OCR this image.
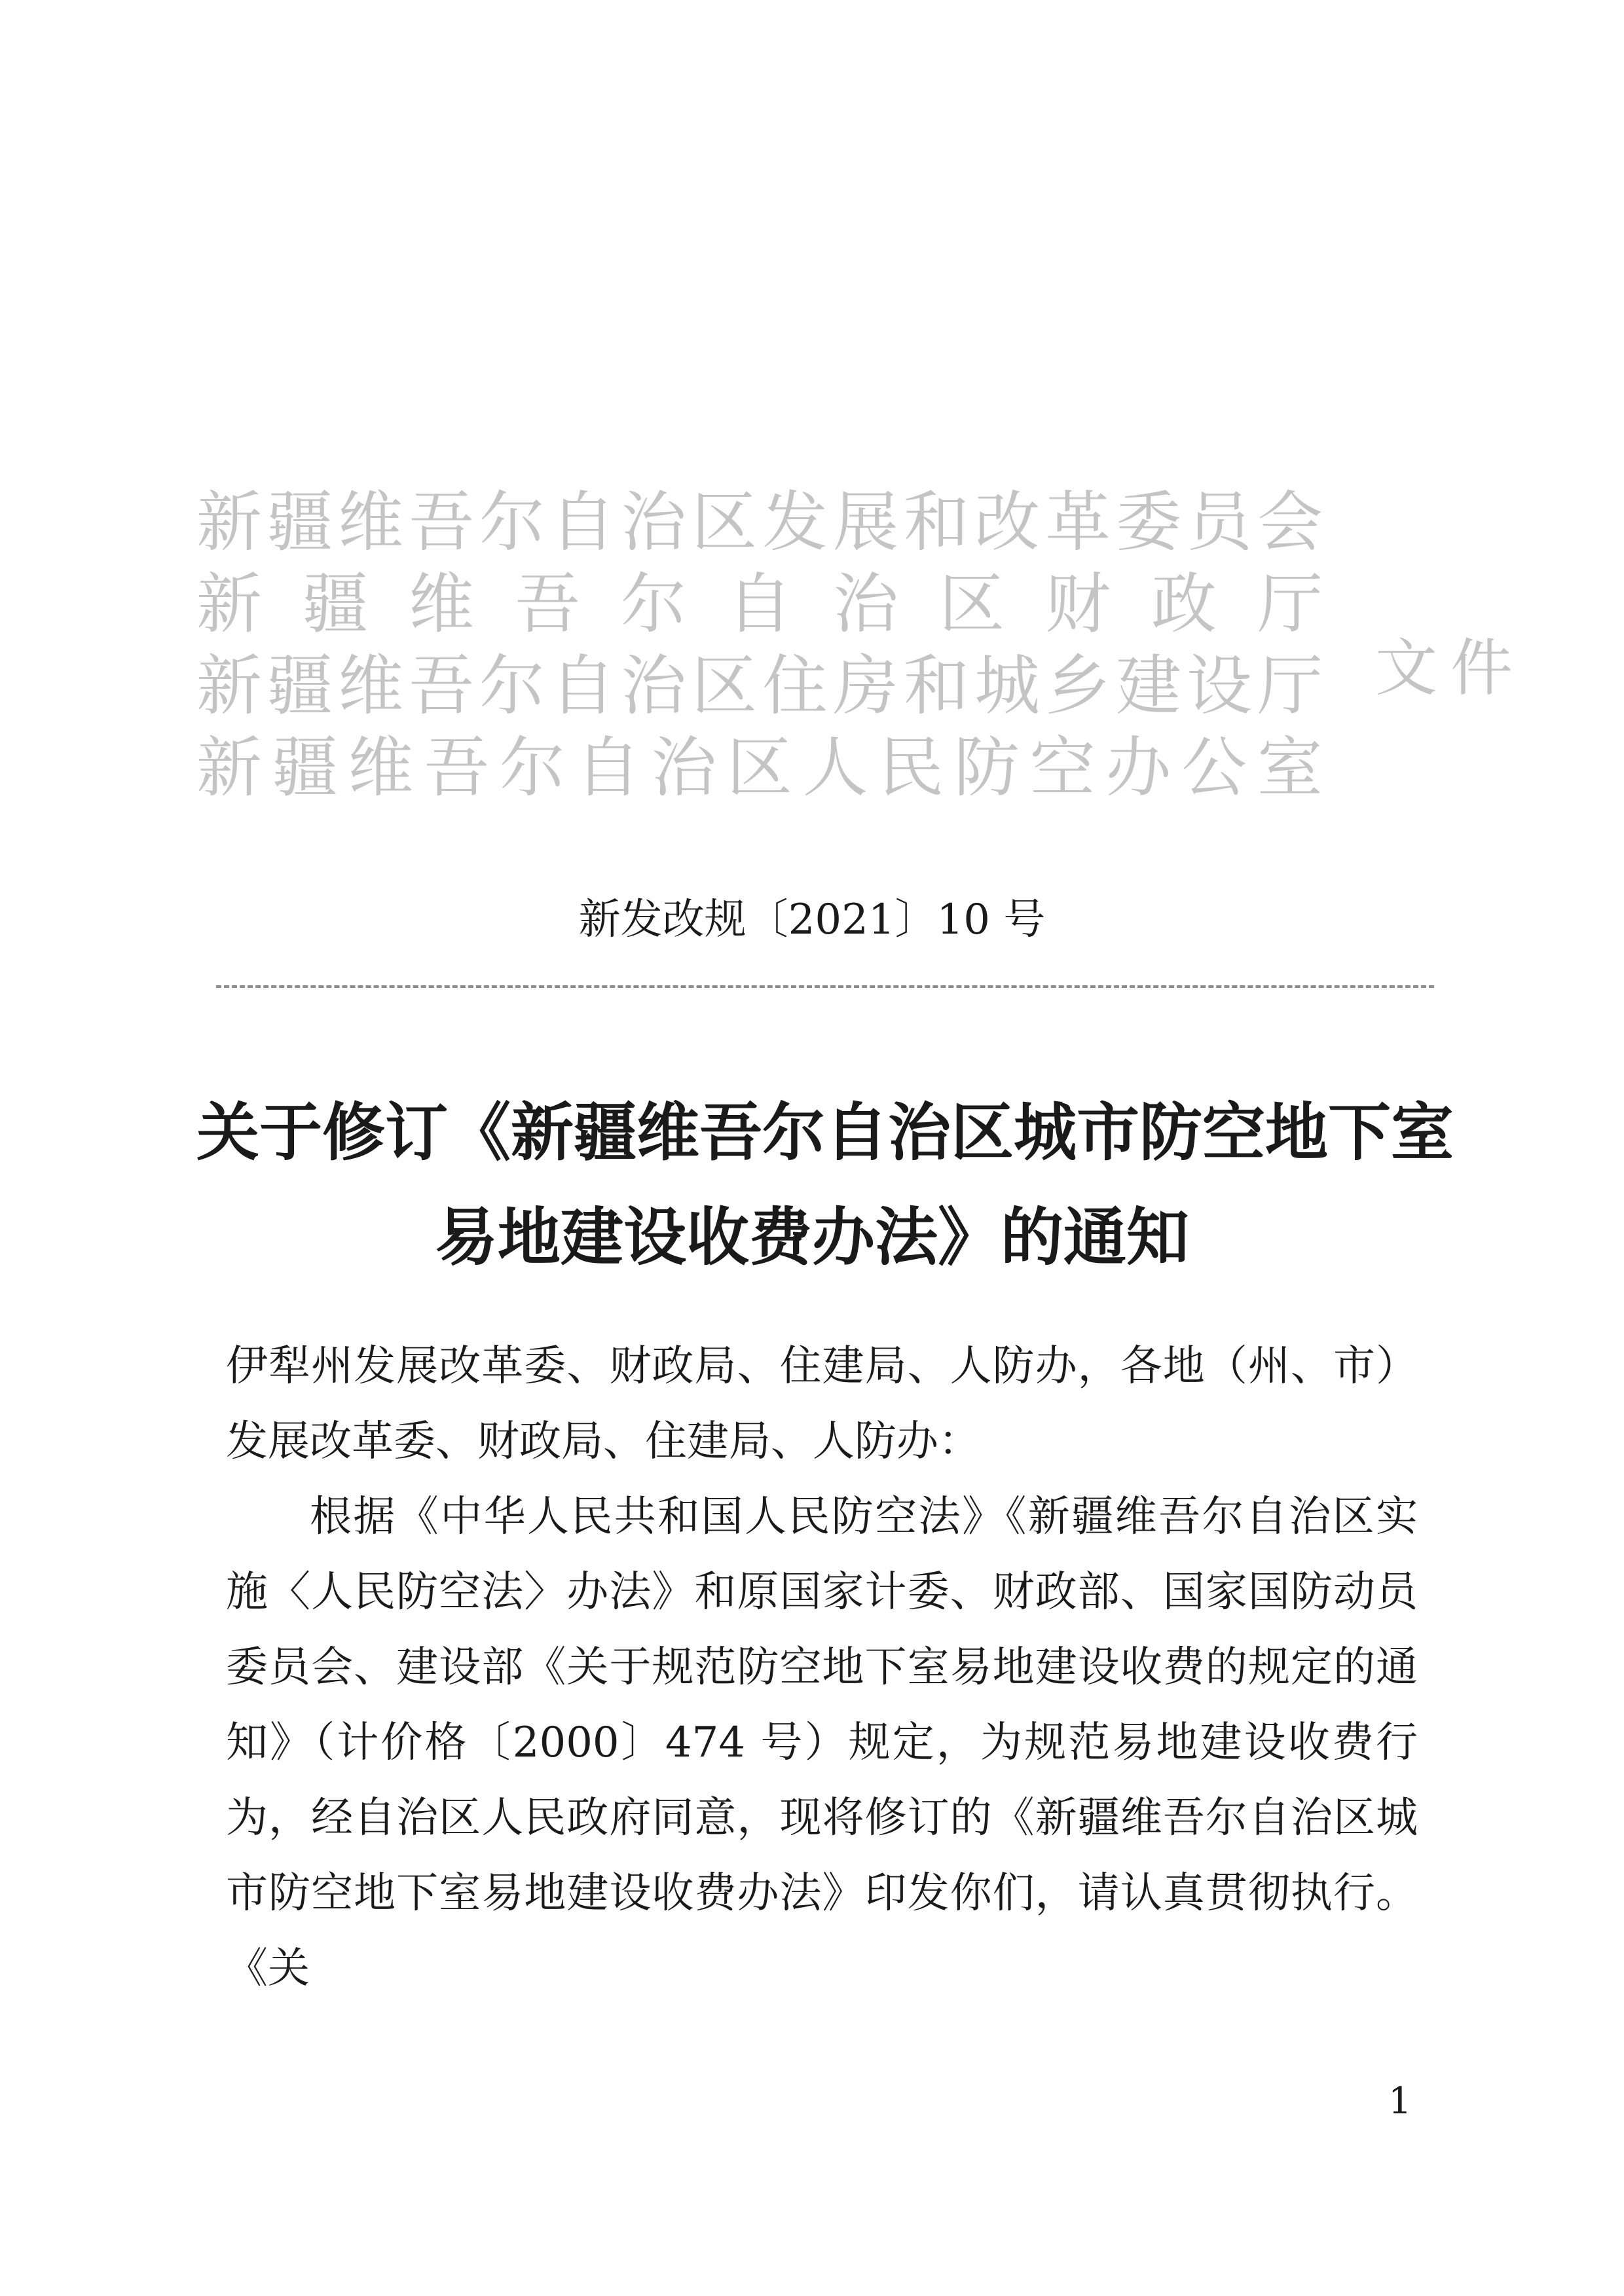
新 疆 维 吾 尔 自 治 区 发 展 和 改 革 委 员 会
新 疆 维 吾 尔 自 治 区 财 政 厅
新 疆 维 吾 尔 自 治 区 住 房 和 城 乡 建 设 厅
新 疆 维 吾 尔 自 治 区 人 民 防 空 办 公 室
文件
新发改规〔2021〕10 号
关于修订《新疆维吾尔自治区城市防空地下室
易地建设收费办法》的通知

伊犁州发展改革委、财政局、住建局、人防办，各地（州、市）发展改革委、财政局、住建局、人防办：

根据《中华人民共和国人民防空法》《新疆维吾尔自治区实施〈人民防空法〉办法》和原国家计委、财政部、国家国防动员委员会、建设部《关于规范防空地下室易地建设收费的规定的通知》（计价格〔2000〕474 号）规定，为规范易地建设收费行为，经自治区人民政府同意，现将修订的《新疆维吾尔自治区城市防空地下室易地建设收费办法》印发你们，请认真贯彻执行。《关

1
